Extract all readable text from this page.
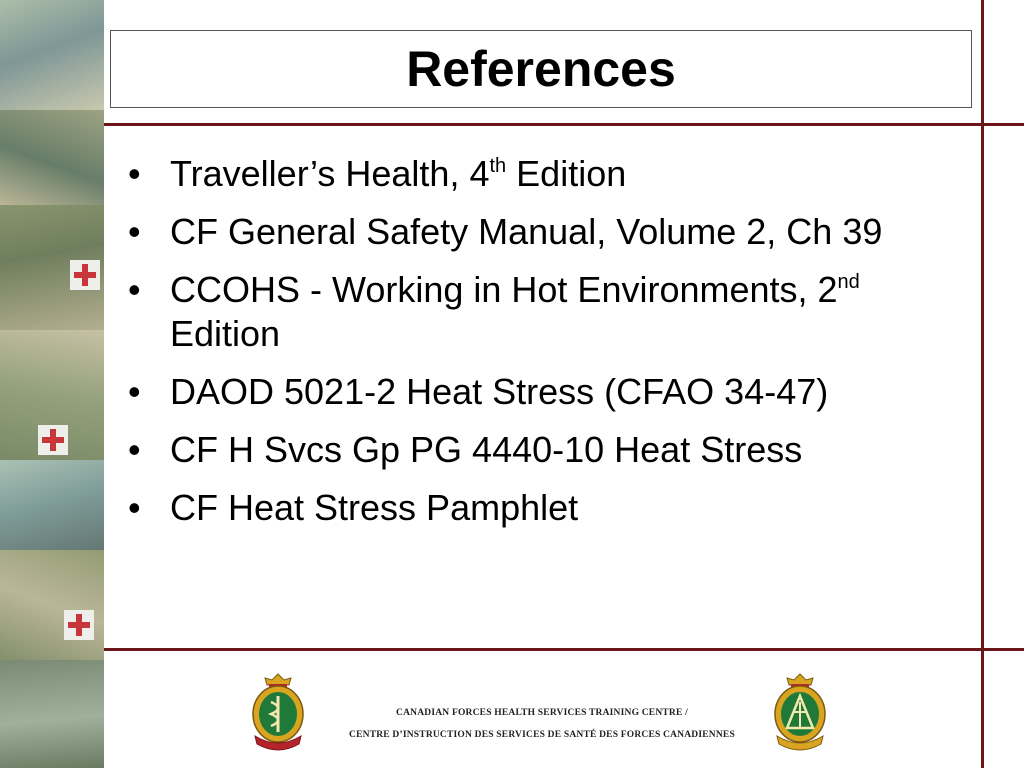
References
• Traveller’s Health, 4th Edition
• CF General Safety Manual, Volume 2, Ch 39
• CCOHS - Working in Hot Environments, 2nd Edition
• DAOD 5021-2 Heat Stress (CFAO 34-47)
• CF H Svcs Gp PG 4440-10 Heat Stress
• CF Heat Stress Pamphlet
CANADIAN FORCES HEALTH SERVICES TRAINING CENTRE /
CENTRE D’INSTRUCTION DES SERVICES DE SANTÉ DES FORCES CANADIENNES
